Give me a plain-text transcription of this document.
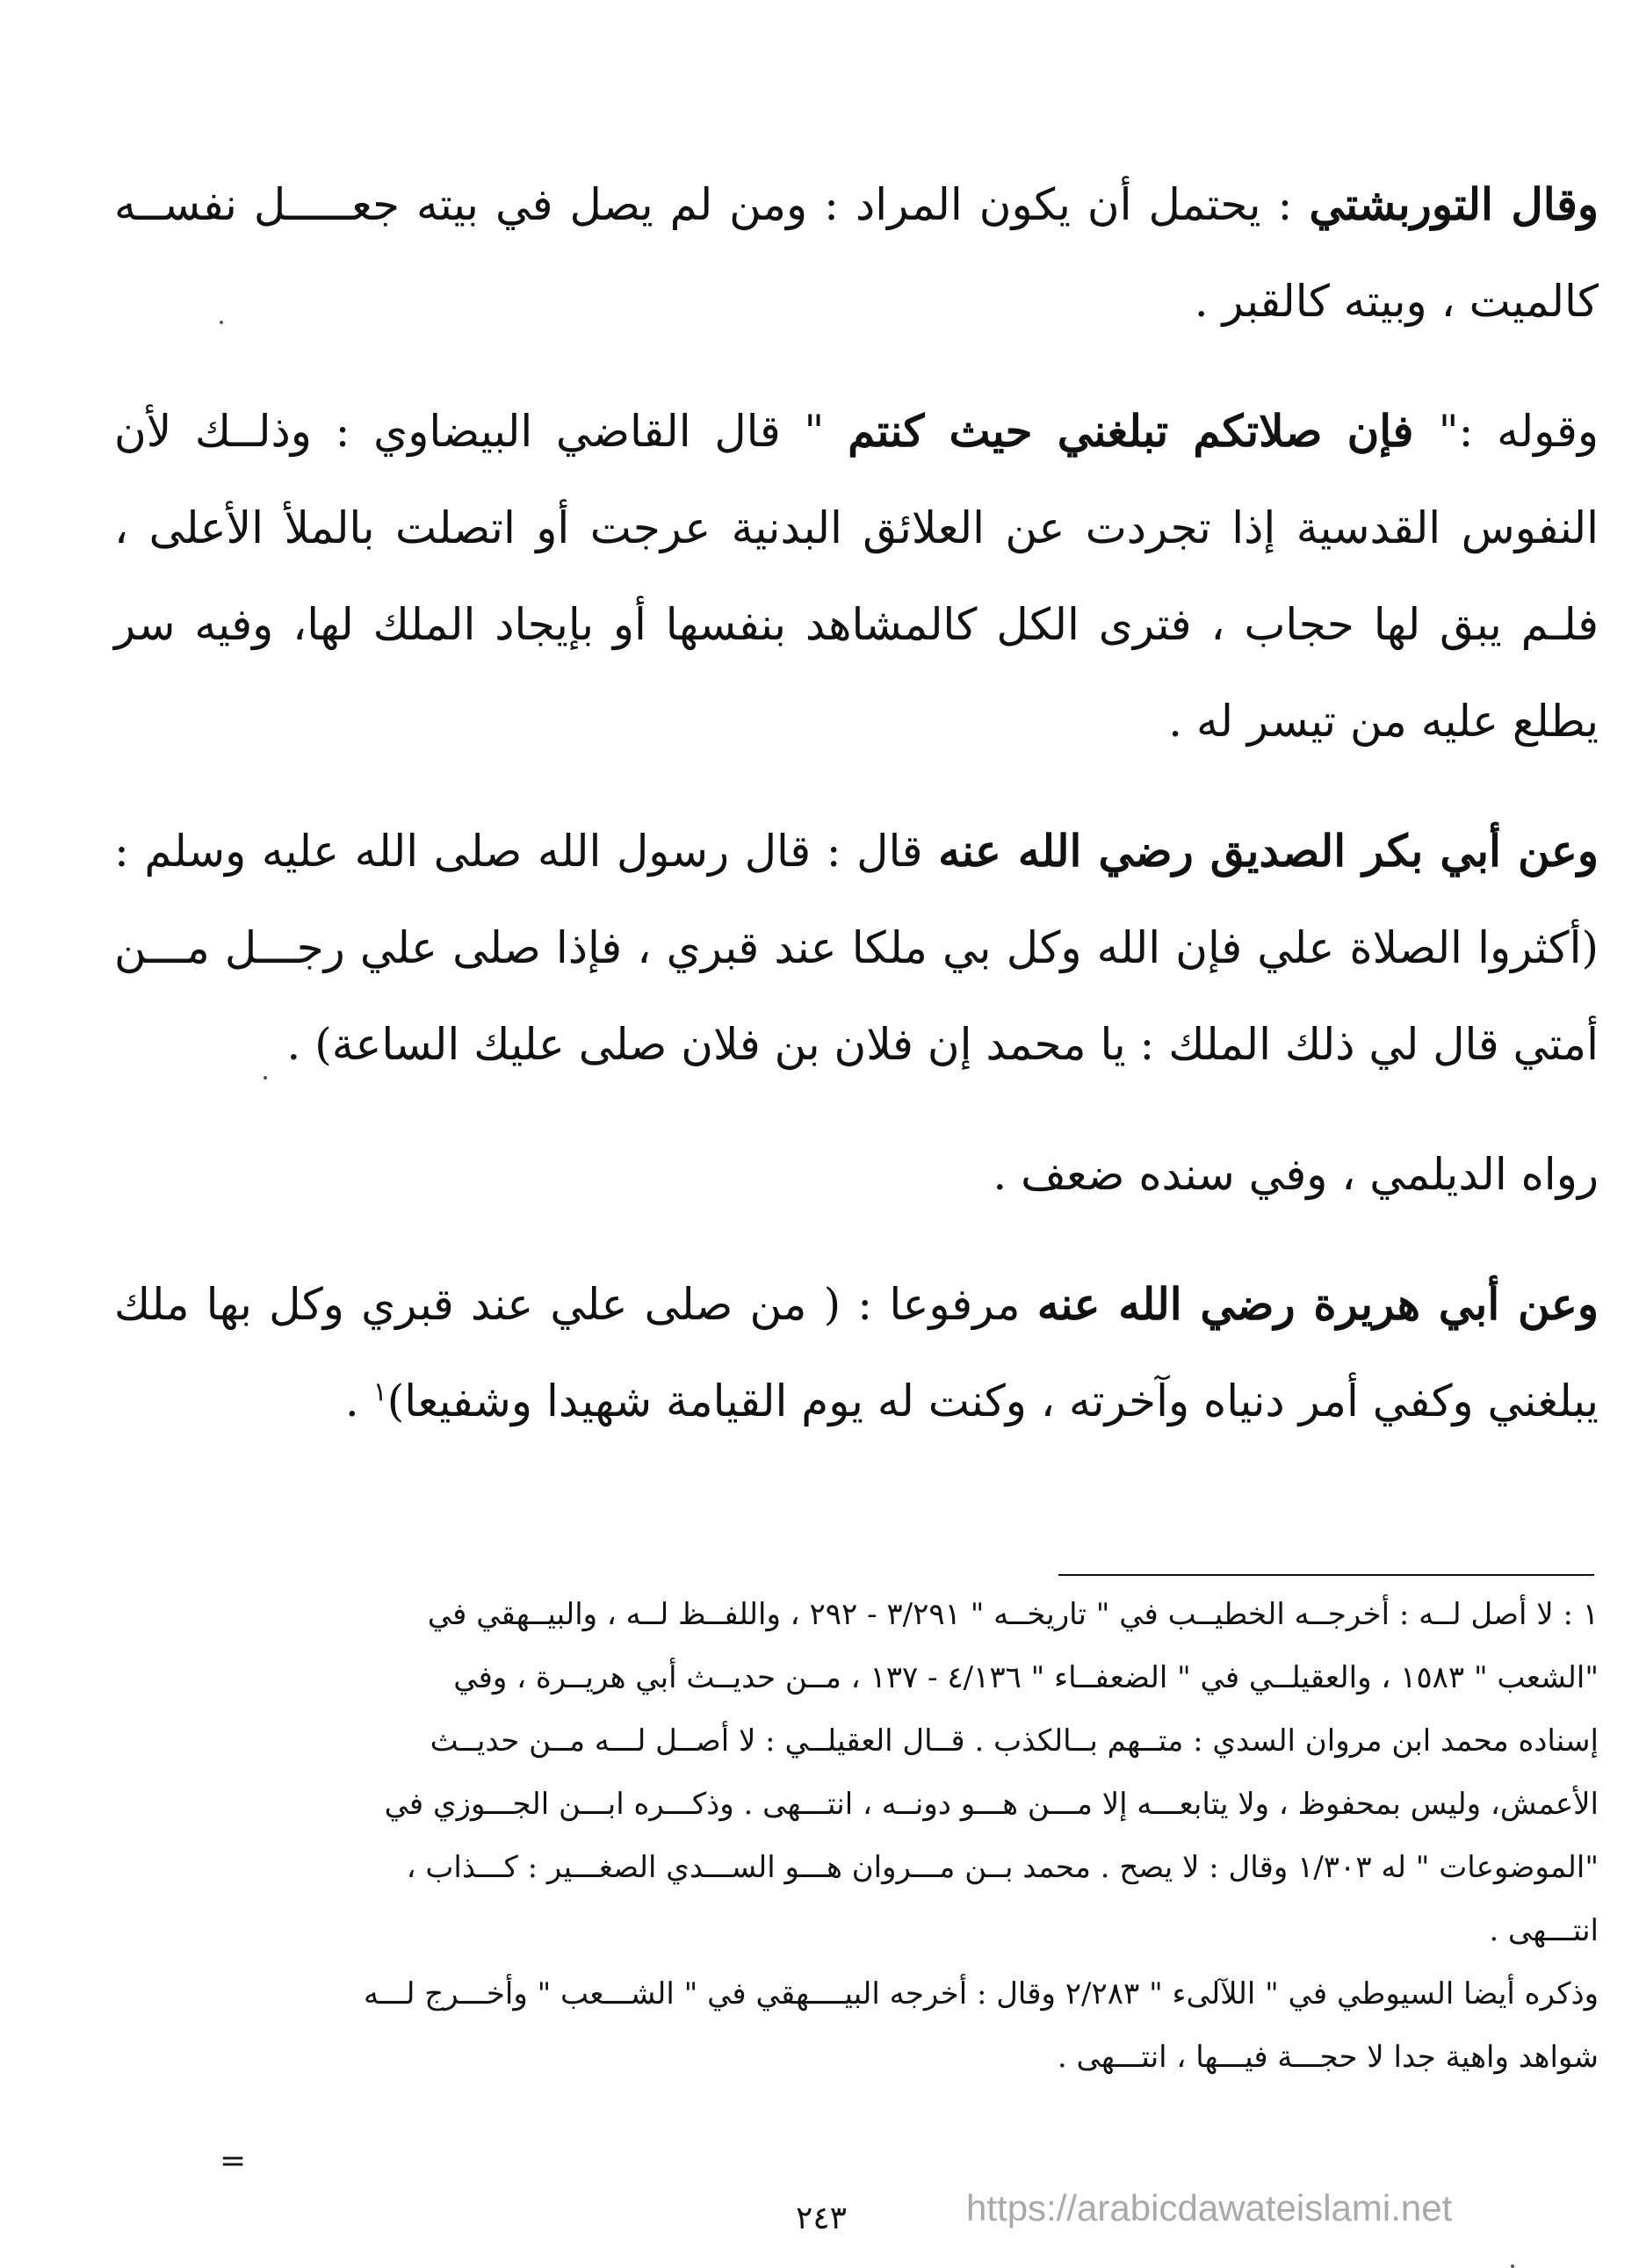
وقال التوربشتي : يحتمل أن يكون المراد : ومن لم يصل في بيته جعـــــل نفســه كالميت ، وبيته كالقبر .

وقوله :" فإن صلاتكم تبلغني حيث كنتم " قال القاضي البيضاوي : وذلــك لأن النفوس القدسية إذا تجردت عن العلائق البدنية عرجت أو اتصلت بالملأ الأعلى ، فلـم يبق لها حجاب ، فترى الكل كالمشاهد بنفسها أو بإيجاد الملك لها، وفيه سر يطلع عليه من تيسر له .

وعن أبي بكر الصديق رضي الله عنه قال : قال رسول الله صلى الله عليه وسلم : (أكثروا الصلاة علي فإن الله وكل بي ملكا عند قبري ، فإذا صلى علي رجـــل مـــن أمتي قال لي ذلك الملك : يا محمد إن فلان بن فلان صلى عليك الساعة) .

رواه الديلمي ، وفي سنده ضعف .

وعن أبي هريرة رضي الله عنه مرفوعا : ( من صلى علي عند قبري وكل بها ملك يبلغني وكفي أمر دنياه وآخرته ، وكنت له يوم القيامة شهيدا وشفيعا)$^١$ .

١ : لا أصل لــه : أخرجــه الخطيــب في " تاريخــه " ٣/٢٩١ - ٢٩٢ ، واللفــظ لــه ، والبيــهقي في
"الشعب " ١٥٨٣ ، والعقيلــي في " الضعفــاء " ٤/١٣٦ - ١٣٧ ، مــن حديــث أبي هريــرة ، وفي
إسناده محمد ابن مروان السدي : متــهم بــالكذب . قــال العقيلــي : لا أصــل لـــه مــن حديــث
الأعمش، وليس بمحفوظ ، ولا يتابعـــه إلا مـــن هـــو دونــه ، انتـــهى . وذكـــره ابـــن الجـــوزي في
"الموضوعات " له ١/٣٠٣ وقال : لا يصح . محمد بــن مـــروان هـــو الســـدي الصغـــير : كـــذاب ،
انتـــهى .
وذكره أيضا السيوطي في " اللآلىء " ٢/٢٨٣ وقال : أخرجه البيــــهقي في " الشـــعب " وأخـــرج لـــه
شواهد واهية جدا لا حجـــة فيـــها ، انتـــهى .
=
٢٤٣	https://arabicdawateislami.net
